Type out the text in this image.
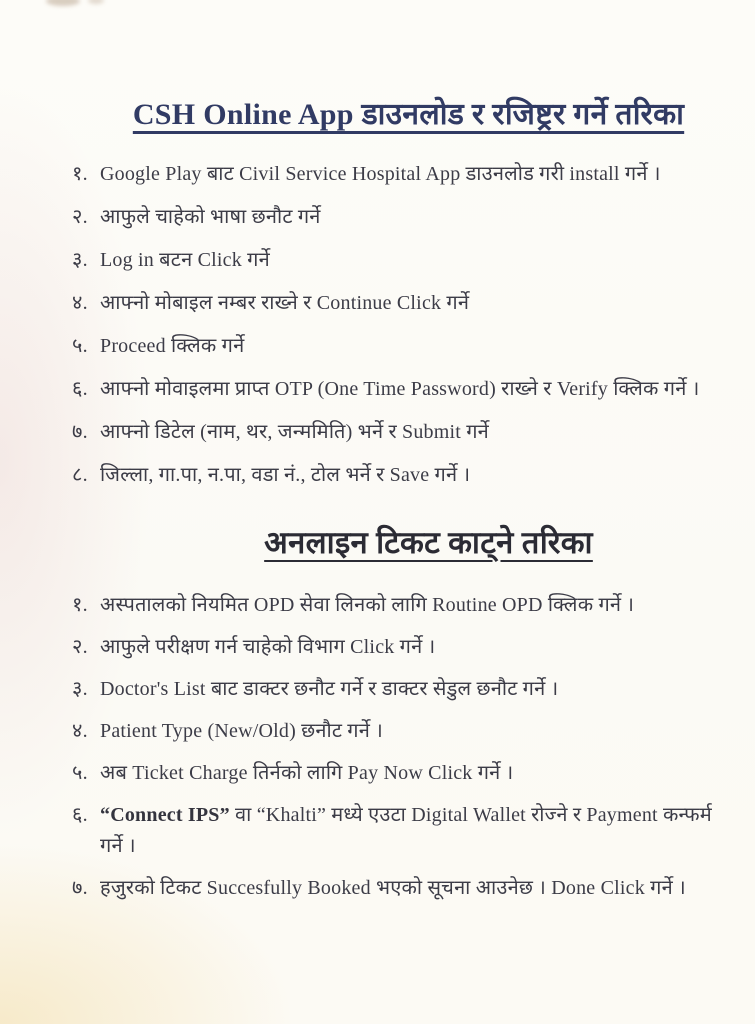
CSH Online App डाउनलोड र रजिष्ट्रर गर्ने तरिका
१. Google Play बाट Civil Service Hospital App डाउनलोड गरी install गर्ने ।
२. आफुले चाहेको भाषा छनौट गर्ने
३. Log in बटन Click गर्ने
४. आफ्नो मोबाइल नम्बर राख्ने र Continue Click गर्ने
५. Proceed क्लिक गर्ने
६. आफ्नो मोवाइलमा प्राप्त OTP (One Time Password) राख्ने र Verify क्लिक गर्ने ।
७. आफ्नो डिटेल (नाम, थर, जन्ममिति) भर्ने र Submit गर्ने
८. जिल्ला, गा.पा, न.पा, वडा नं., टोल भर्ने र Save गर्ने ।
अनलाइन टिकट काट्ने तरिका
१. अस्पतालको नियमित OPD सेवा लिनको लागि Routine OPD क्लिक गर्ने ।
२. आफुले परीक्षण गर्न चाहेको विभाग Click गर्ने ।
३. Doctor's List बाट डाक्टर छनौट गर्ने र डाक्टर सेडुल छनौट गर्ने ।
४. Patient Type (New/Old) छनौट गर्ने ।
५. अब Ticket Charge तिर्नको लागि Pay Now Click गर्ने ।
६. “Connect IPS” वा “Khalti” मध्ये एउटा Digital Wallet रोज्ने र Payment कन्फर्म गर्ने ।
७. हजुरको टिकट Succesfully Booked भएको सूचना आउनेछ । Done Click गर्ने ।
